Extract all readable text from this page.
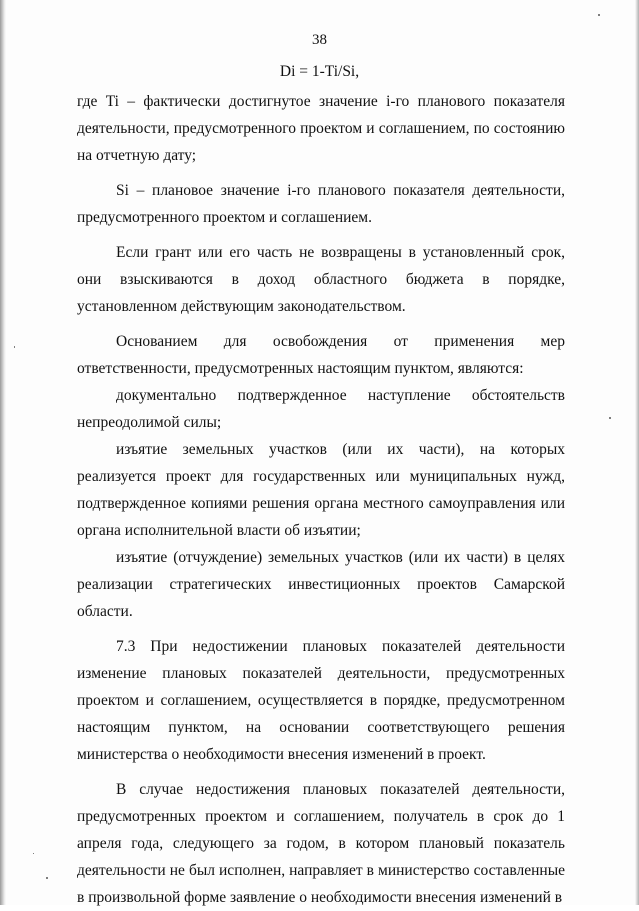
38
Di = 1-Ti/Si,

где Ti – фактически достигнутое значение i-го планового показателя деятельности, предусмотренного проектом и соглашением, по состоянию на отчетную дату;

Si – плановое значение i-го планового показателя деятельности, предусмотренного проектом и соглашением.

Если грант или его часть не возвращены в установленный срок, они взыскиваются в доход областного бюджета в порядке, установленном действующим законодательством.

Основанием для освобождения от применения мер ответственности, предусмотренных настоящим пунктом, являются:

документально подтвержденное наступление обстоятельств непреодолимой силы;

изъятие земельных участков (или их части), на которых реализуется проект для государственных или муниципальных нужд, подтвержденное копиями решения органа местного самоуправления или органа исполнительной власти об изъятии;

изъятие (отчуждение) земельных участков (или их части) в целях реализации стратегических инвестиционных проектов Самарской области.

7.3 При недостижении плановых показателей деятельности изменение плановых показателей деятельности, предусмотренных проектом и соглашением, осуществляется в порядке, предусмотренном настоящим пунктом, на основании соответствующего решения министерства о необходимости внесения изменений в проект.

В случае недостижения плановых показателей деятельности, предусмотренных проектом и соглашением, получатель в срок до 1 апреля года, следующего за годом, в котором плановый показатель деятельности не был исполнен, направляет в министерство составленные в произвольной форме заявление о необходимости внесения изменений в
